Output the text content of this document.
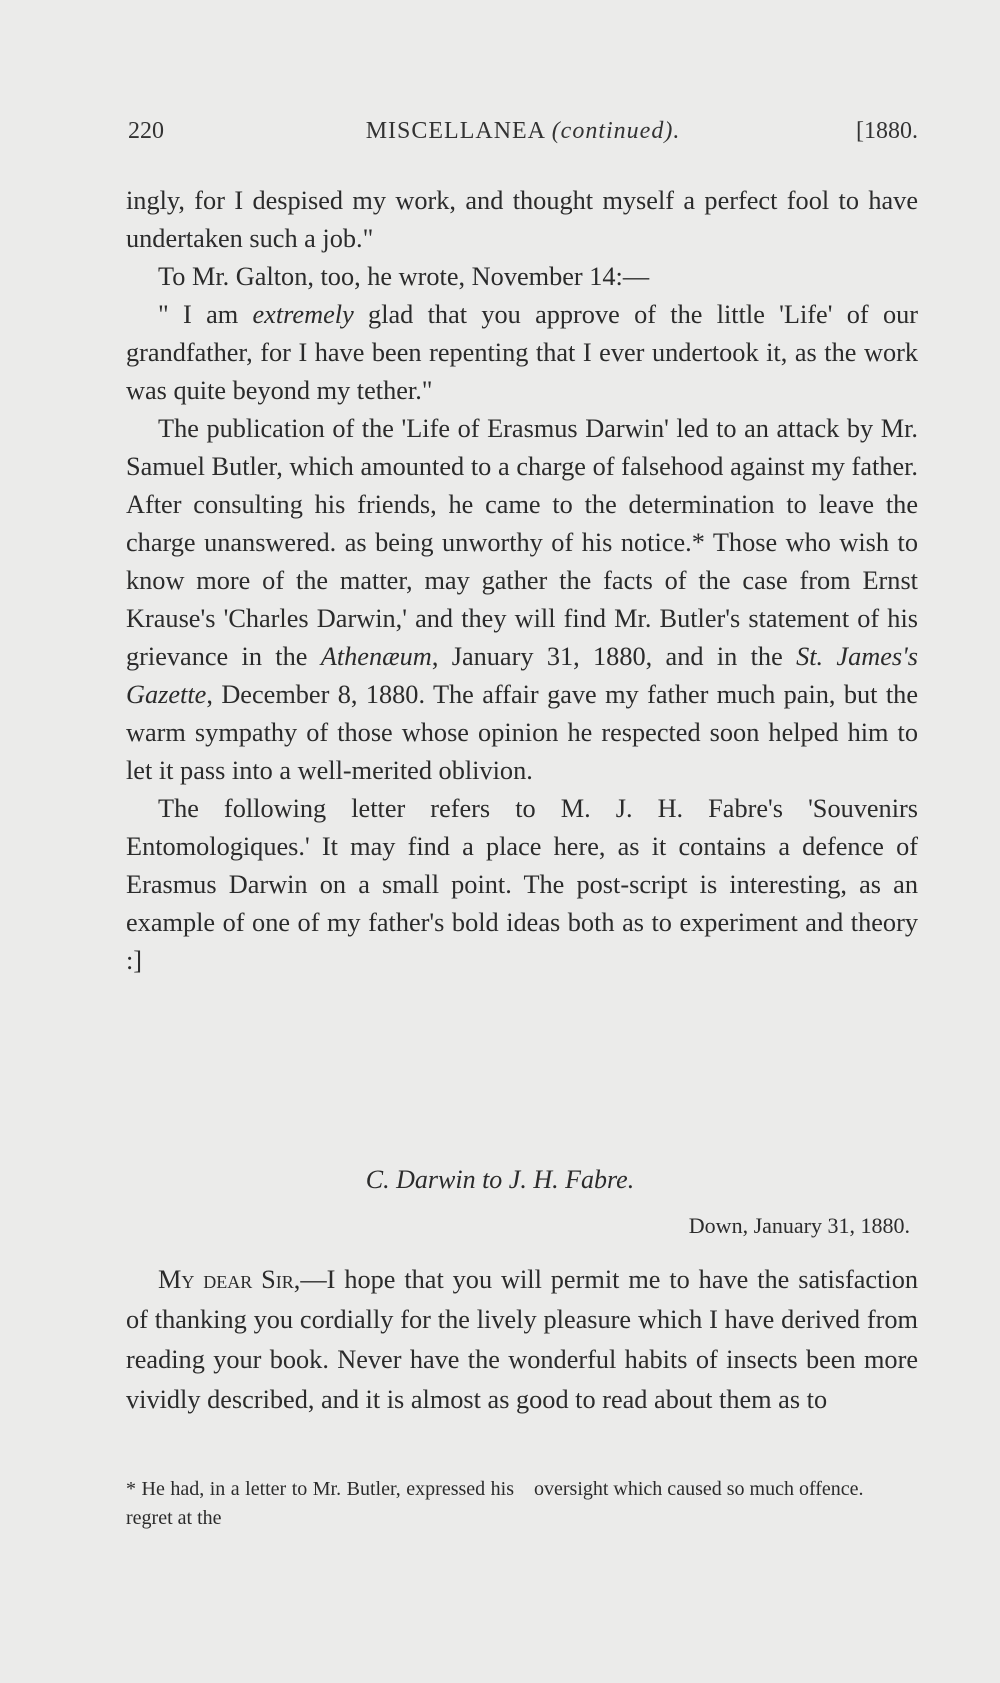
220	MISCELLANEA (continued).	[1880.

ingly, for I despised my work, and thought myself a perfect fool to have undertaken such a job."

To Mr. Galton, too, he wrote, November 14:—

" I am extremely glad that you approve of the little 'Life' of our grandfather, for I have been repenting that I ever undertook it, as the work was quite beyond my tether."

The publication of the 'Life of Erasmus Darwin' led to an attack by Mr. Samuel Butler, which amounted to a charge of falsehood against my father. After consulting his friends, he came to the determination to leave the charge unanswered. as being unworthy of his notice.* Those who wish to know more of the matter, may gather the facts of the case from Ernst Krause's 'Charles Darwin,' and they will find Mr. Butler's statement of his grievance in the Athenæum, January 31, 1880, and in the St. James's Gazette, December 8, 1880. The affair gave my father much pain, but the warm sympathy of those whose opinion he respected soon helped him to let it pass into a well-merited oblivion.

The following letter refers to M. J. H. Fabre's 'Souvenirs Entomologiques.' It may find a place here, as it contains a defence of Erasmus Darwin on a small point. The post-script is interesting, as an example of one of my father's bold ideas both as to experiment and theory :]

C. Darwin to J. H. Fabre.
Down, January 31, 1880.

My dear Sir,—I hope that you will permit me to have the satisfaction of thanking you cordially for the lively pleasure which I have derived from reading your book. Never have the wonderful habits of insects been more vividly described, and it is almost as good to read about them as to

* He had, in a letter to Mr. Butler, expressed his regret at the
oversight which caused so much offence.
